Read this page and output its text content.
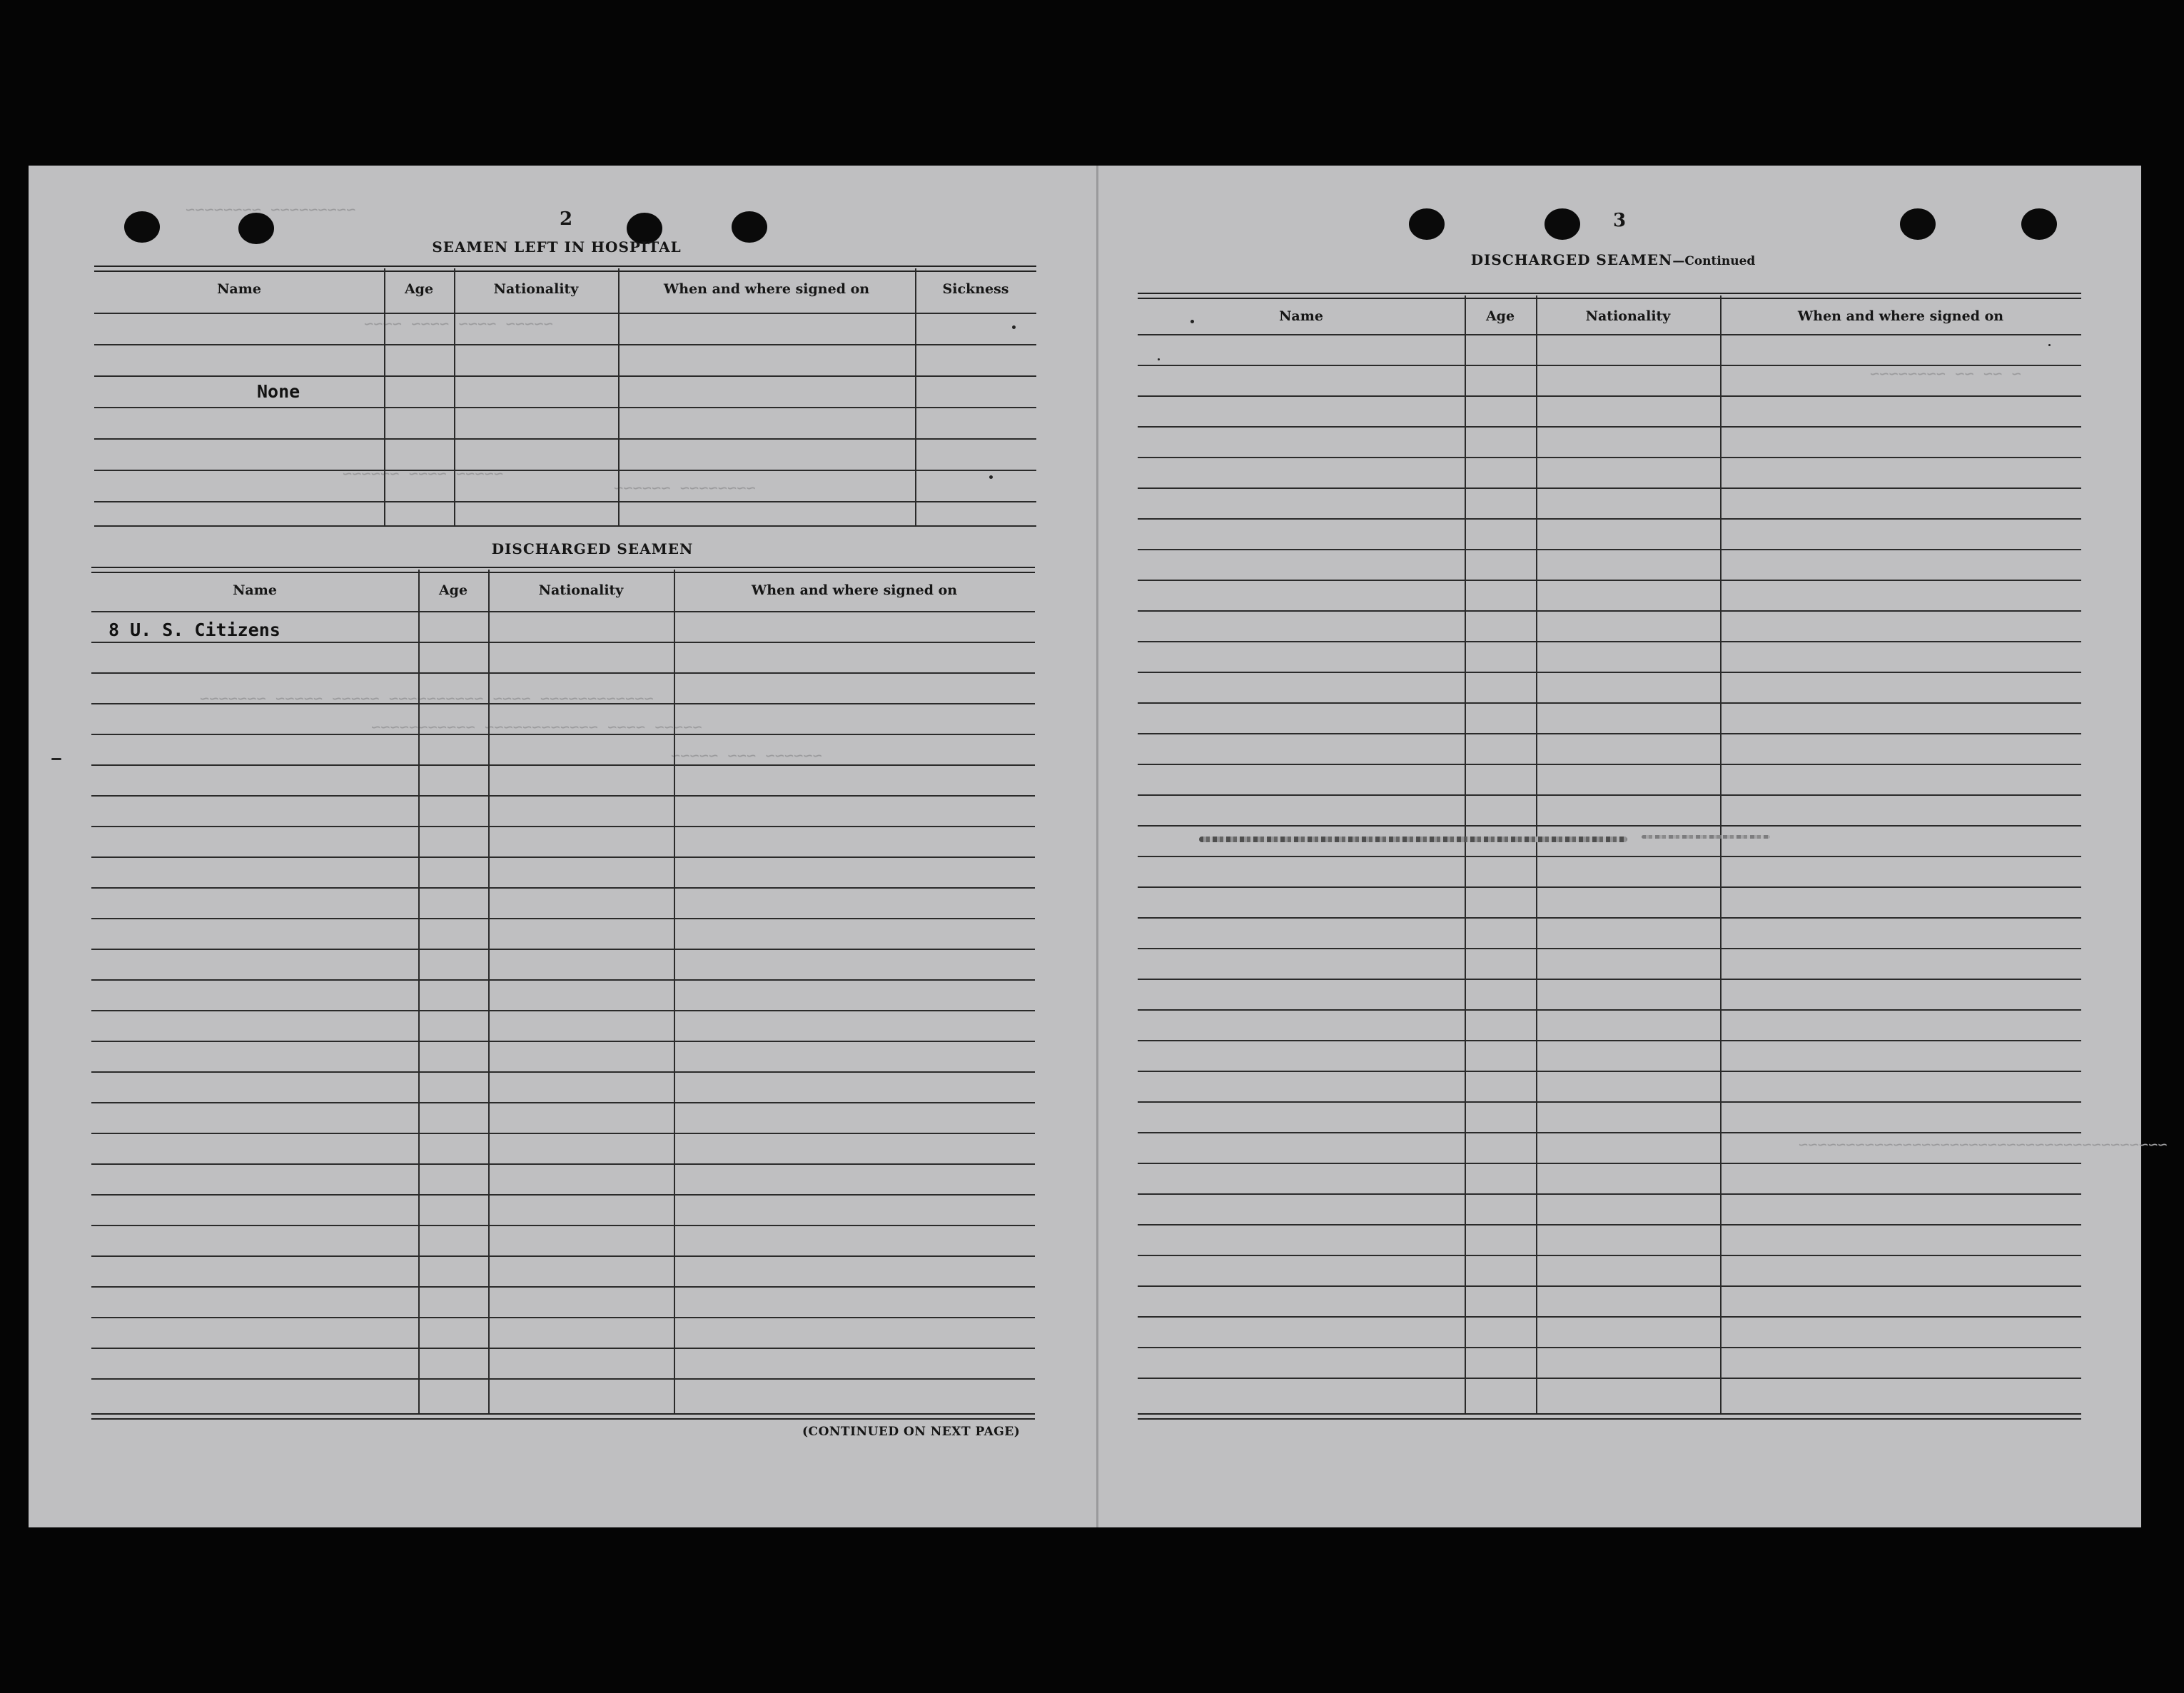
~~~~~~~~~ ~~~~~~~~
~~~~~ ~~~~ ~~~~ ~~~~
~~~~~ ~~~~ ~~~~~~
~~~~~~~~ ~~~~~~
~~~~~~~~~~~~ ~~~~ ~~~~~~~~~~ ~~~~~ ~~~~~ ~~~~~~~
~~~~~ ~~~~ ~~~~~~~~~~~~ ~~~~~~~~~~~
~~~~~~ ~~~ ~~~~~
2
SEAMEN LEFT IN HOSPITAL
Name	Age	Nationality	When and where signed on	Sickness
None
DISCHARGED SEAMEN
Name	Age	Nationality	When and where signed on
8 U. S. Citizens
(CONTINUED ON NEXT PAGE)
~ ~~ ~~ ~~~~~~~~
~~~~~~~~~~~~~~~~~~~~~~~~~~~~~~~~~~~~~~~
3
DISCHARGED SEAMEN—Continued
Name	Age	Nationality	When and where signed on
